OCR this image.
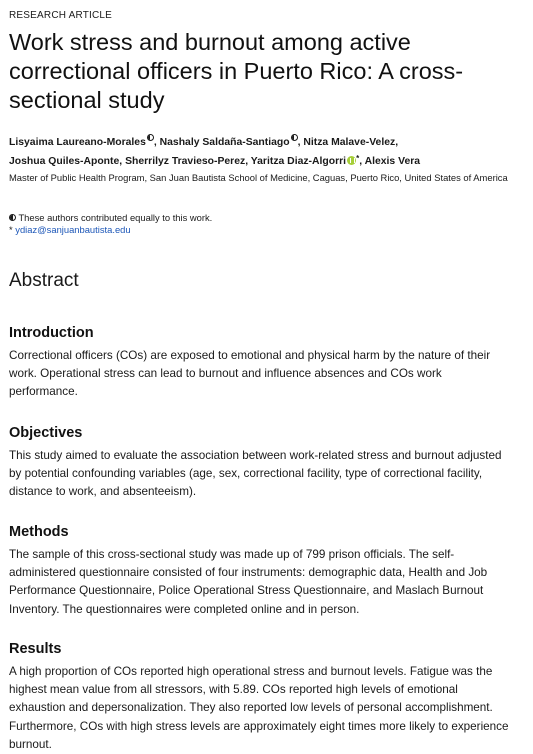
RESEARCH ARTICLE
Work stress and burnout among active correctional officers in Puerto Rico: A cross-sectional study
Lisyaima Laureano-Morales , Nashaly Saldaña-Santiago , Nitza Malave-Velez,
Joshua Quiles-Aponte, Sherrilyz Travieso-Perez, Yaritza Diaz-Algorri *, Alexis Vera
Master of Public Health Program, San Juan Bautista School of Medicine, Caguas, Puerto Rico, United States of America
These authors contributed equally to this work.
* ydiaz@sanjuanbautista.edu
Abstract
Introduction

Correctional officers (COs) are exposed to emotional and physical harm by the nature of their work. Operational stress can lead to burnout and influence absences and COs work performance.

Objectives

This study aimed to evaluate the association between work-related stress and burnout adjusted by potential confounding variables (age, sex, correctional facility, type of correctional facility, distance to work, and absenteeism).

Methods

The sample of this cross-sectional study was made up of 799 prison officials. The self-administered questionnaire consisted of four instruments: demographic data, Health and Job Performance Questionnaire, Police Operational Stress Questionnaire, and Maslach Burnout Inventory. The questionnaires were completed online and in person.

Results

A high proportion of COs reported high operational stress and burnout levels. Fatigue was the highest mean value from all stressors, with 5.89. COs reported high levels of emotional exhaustion and depersonalization. They also reported low levels of personal accomplishment. Furthermore, COs with high stress levels are approximately eight times more likely to experience burnout.
